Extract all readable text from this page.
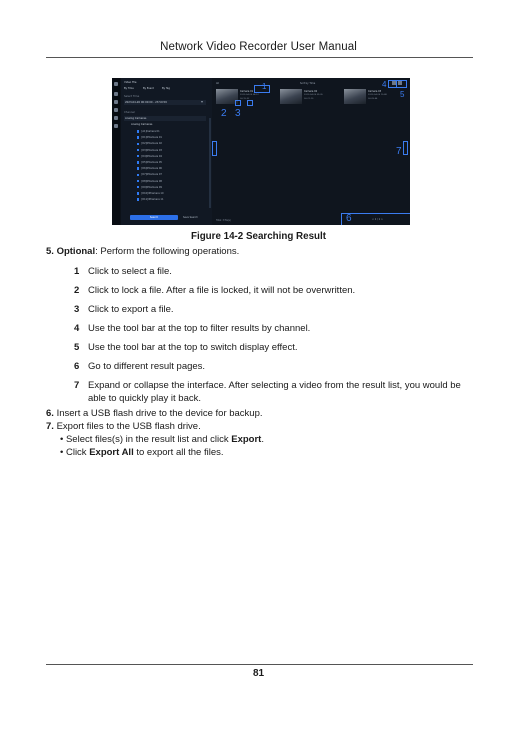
Network Video Recorder User Manual
Video File
By Time	By Event	By Tag
Select Time
2023-04-26 00:00:00 - 23:59:59
Channel
Analog Cameras
Analog Cameras
[A1]Camera 01
[D1]IPCamera 01
[D2]IPCamera 02
[D3]IPCamera 03
[D4]IPCamera 04
[D5]IPCamera 05
[D6]IPCamera 06
[D7]IPCamera 07
[D8]IPCamera 08
[D9]IPCamera 09
[D10]IPCamera 10
[D11]IPCamera 11
Search	Save Search
All	Sort by Time
Camera 01
2023-04-26 08:12
00:15:32
Camera 02
2023-04-26 09:05
00:21:10
Camera 03
2023-04-26 10:48
00:09:44
Total: 3 file(s)	< 1 / 1 >
1
2 3
4
5
6
7
Figure 14-2 Searching Result
5. Optional: Perform the following operations.
1 Click to select a file.
2 Click to lock a file. After a file is locked, it will not be overwritten.
3 Click to export a file.
4 Use the tool bar at the top to filter results by channel.
5 Use the tool bar at the top to switch display effect.
6 Go to different result pages.
7 Expand or collapse the interface. After selecting a video from the result list, you would be able to quickly play it back.
6. Insert a USB flash drive to the device for backup.
7. Export files to the USB flash drive.
• Select files(s) in the result list and click Export.
• Click Export All to export all the files.
81
